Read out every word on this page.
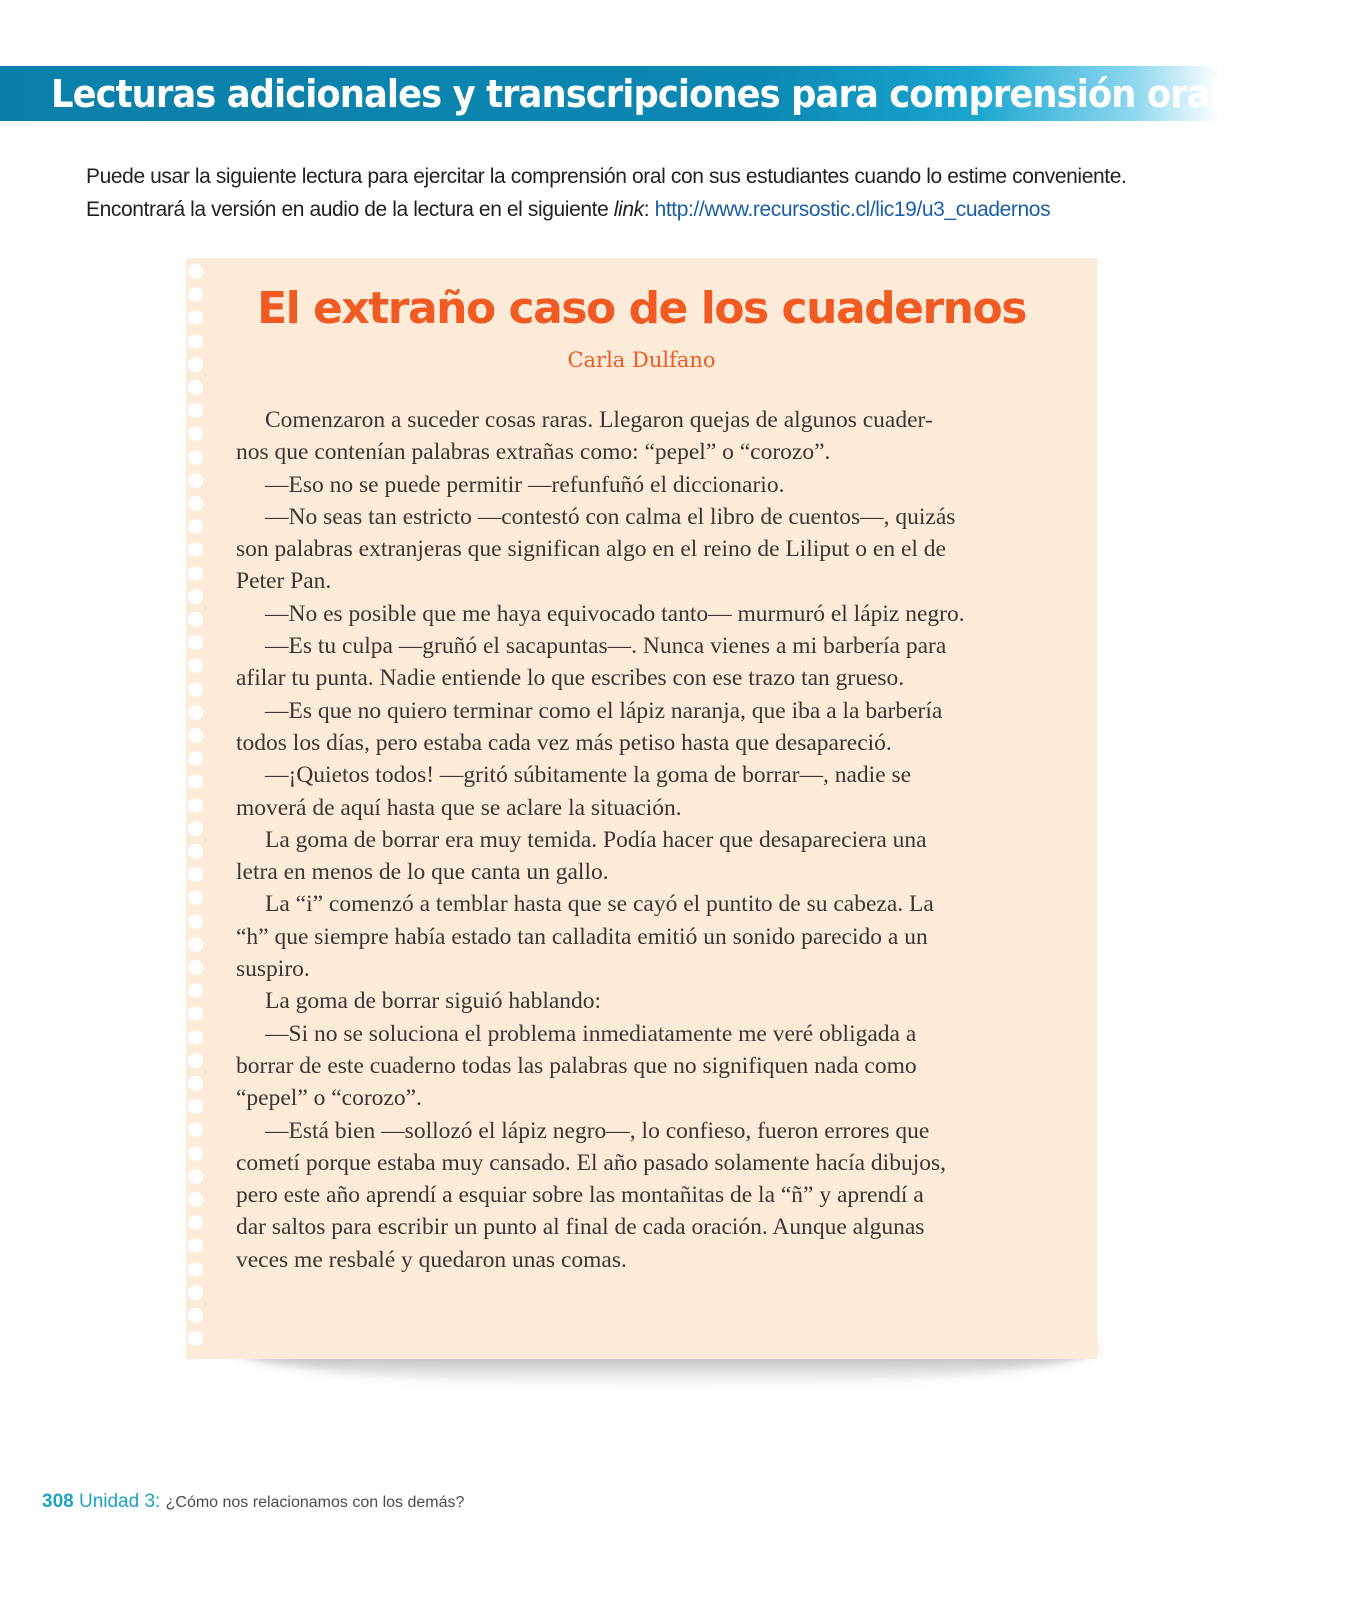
Lecturas adicionales y transcripciones para comprensión oral

Puede usar la siguiente lectura para ejercitar la comprensión oral con sus estudiantes cuando lo estime conveniente.

Encontrará la versión en audio de la lectura en el siguiente link: http://www.recursostic.cl/lic19/u3_cuadernos

El extraño caso de los cuadernos
Carla Dulfano
Comenzaron a suceder cosas raras. Llegaron quejas de algunos cuader-
nos que contenían palabras extrañas como: “pepel” o “corozo”.
—Eso no se puede permitir —refunfuñó el diccionario.
—No seas tan estricto —contestó con calma el libro de cuentos—, quizás
son palabras extranjeras que significan algo en el reino de Liliput o en el de
Peter Pan.
—No es posible que me haya equivocado tanto— murmuró el lápiz negro.
—Es tu culpa —gruñó el sacapuntas—. Nunca vienes a mi barbería para
afilar tu punta. Nadie entiende lo que escribes con ese trazo tan grueso.
—Es que no quiero terminar como el lápiz naranja, que iba a la barbería
todos los días, pero estaba cada vez más petiso hasta que desapareció.
—¡Quietos todos! —gritó súbitamente la goma de borrar—, nadie se
moverá de aquí hasta que se aclare la situación.
La goma de borrar era muy temida. Podía hacer que desapareciera una
letra en menos de lo que canta un gallo.
La “i” comenzó a temblar hasta que se cayó el puntito de su cabeza. La
“h” que siempre había estado tan calladita emitió un sonido parecido a un
suspiro.
La goma de borrar siguió hablando:
—Si no se soluciona el problema inmediatamente me veré obligada a
borrar de este cuaderno todas las palabras que no signifiquen nada como
“pepel” o “corozo”.
—Está bien —sollozó el lápiz negro—, lo confieso, fueron errores que
cometí porque estaba muy cansado. El año pasado solamente hacía dibujos,
pero este año aprendí a esquiar sobre las montañitas de la “ñ” y aprendí a
dar saltos para escribir un punto al final de cada oración. Aunque algunas
veces me resbalé y quedaron unas comas.
308 Unidad 3: ¿Cómo nos relacionamos con los demás?
